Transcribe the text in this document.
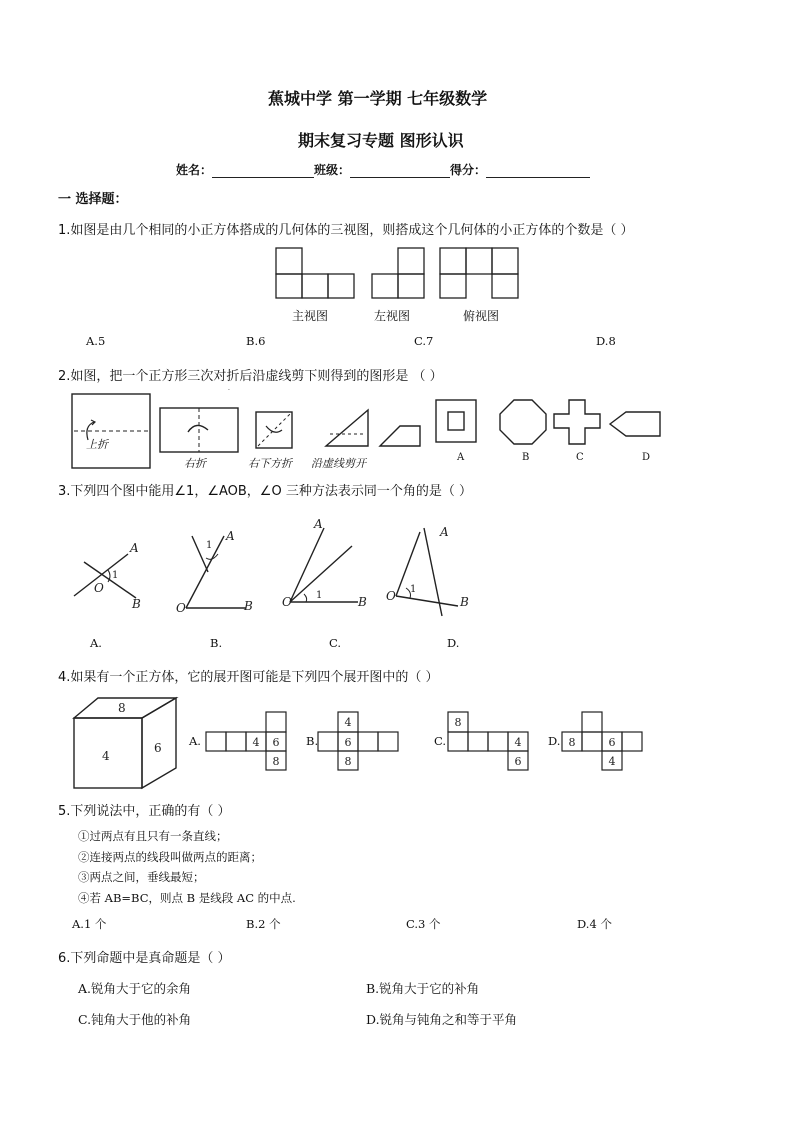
蕉城中学 第一学期 七年级数学
期末复习专题 图形认识
姓名：	班级：	得分：
一 选择题：
1.如图是由几个相同的小正方体搭成的几何体的三视图，则搭成这个几何体的小正方体的个数是（ ）
主视图	左视图	俯视图
A.5	B.6	C.7	D.8
2.如图，把一个正方形三次对折后沿虚线剪下则得到的图形是 （ ）
.
上折
右折	右下方折 沿虚线剪开	A	B	C	D
3.下列四个图中能用∠1，∠AOB，∠O 三种方法表示同一个角的是（ ）
A
B
O
1
A
B
O
1
A
B
O 1
A
B
O 1
A.	B.	C.	D.
4.如果有一个正方体，它的展开图可能是下列四个展开图中的（ ）
8
4
6	4 6
8
4
6
8
8
4
6
8	6
4
A.	B.	C.	D.
5.下列说法中，正确的有（ ）
①过两点有且只有一条直线；
②连接两点的线段叫做两点的距离；
③两点之间，垂线最短；
④若 AB=BC，则点 B 是线段 AC 的中点.
A.1 个	B.2 个	C.3 个	D.4 个
6.下列命题中是真命题是（ ）
A.锐角大于它的余角	B.锐角大于它的补角
C.钝角大于他的补角	D.锐角与钝角之和等于平角
